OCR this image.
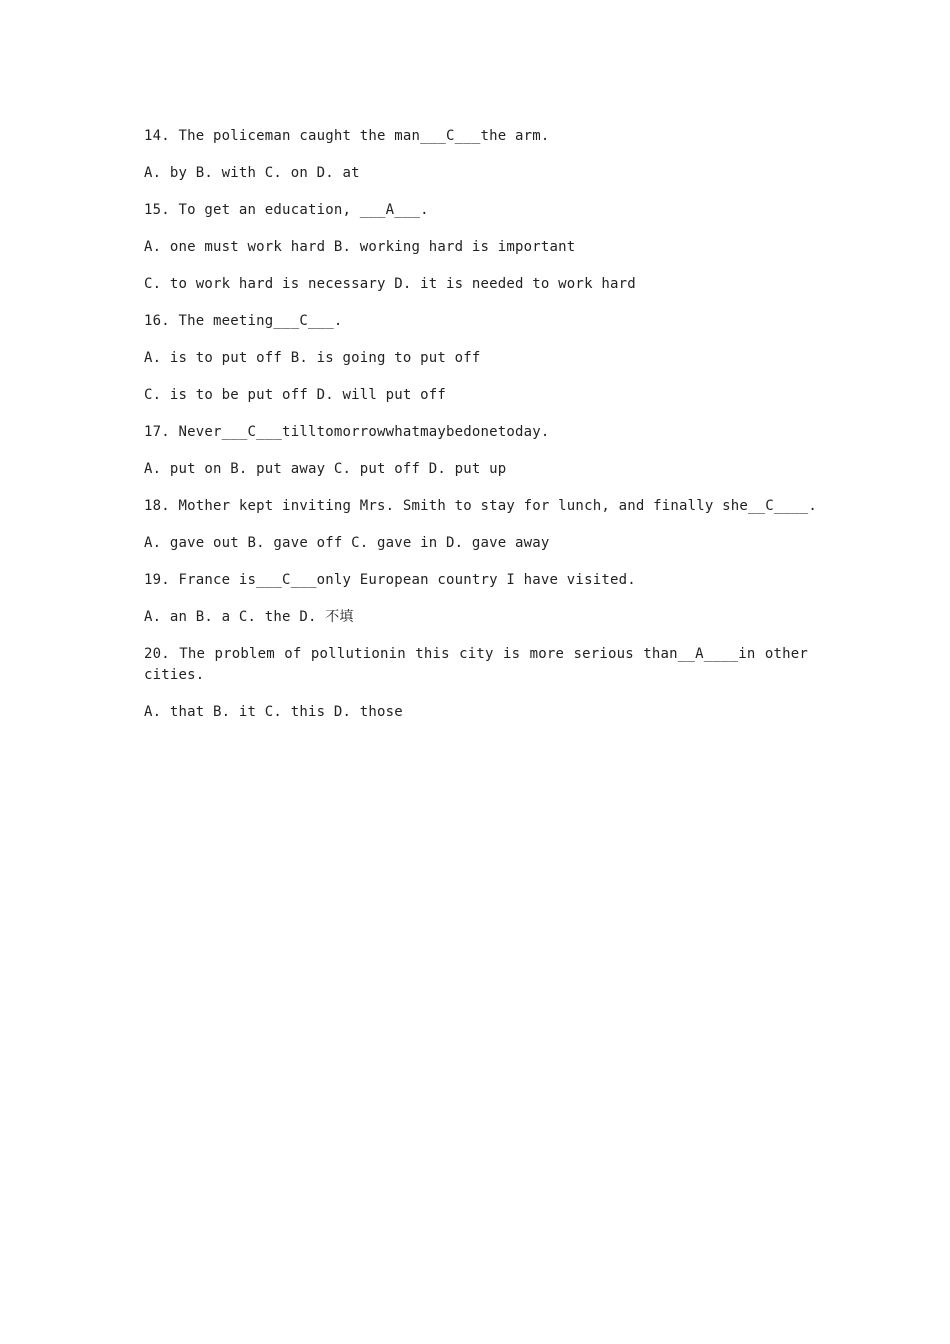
14. The policeman caught the man___C___the arm.
A. by B. with C. on D. at
15. To get an education, ___A___.
A. one must work hard B. working hard is important
C. to work hard is necessary D. it is needed to work hard
16. The meeting___C___.
A. is to put off B. is going to put off
C. is to be put off D. will put off
17. Never___C___tilltomorrowwhatmaybedonetoday.
A. put on B. put away C. put off D. put up
18. Mother kept inviting Mrs. Smith to stay for lunch, and finally she__C____.
A. gave out B. gave off C. gave in D. gave away
19. France is___C___only European country I have visited.
A. an B. a C. the D. 不填
20. The problem of pollutionin this city is more serious than__A____in other cities.
A. that B. it C. this D. those
